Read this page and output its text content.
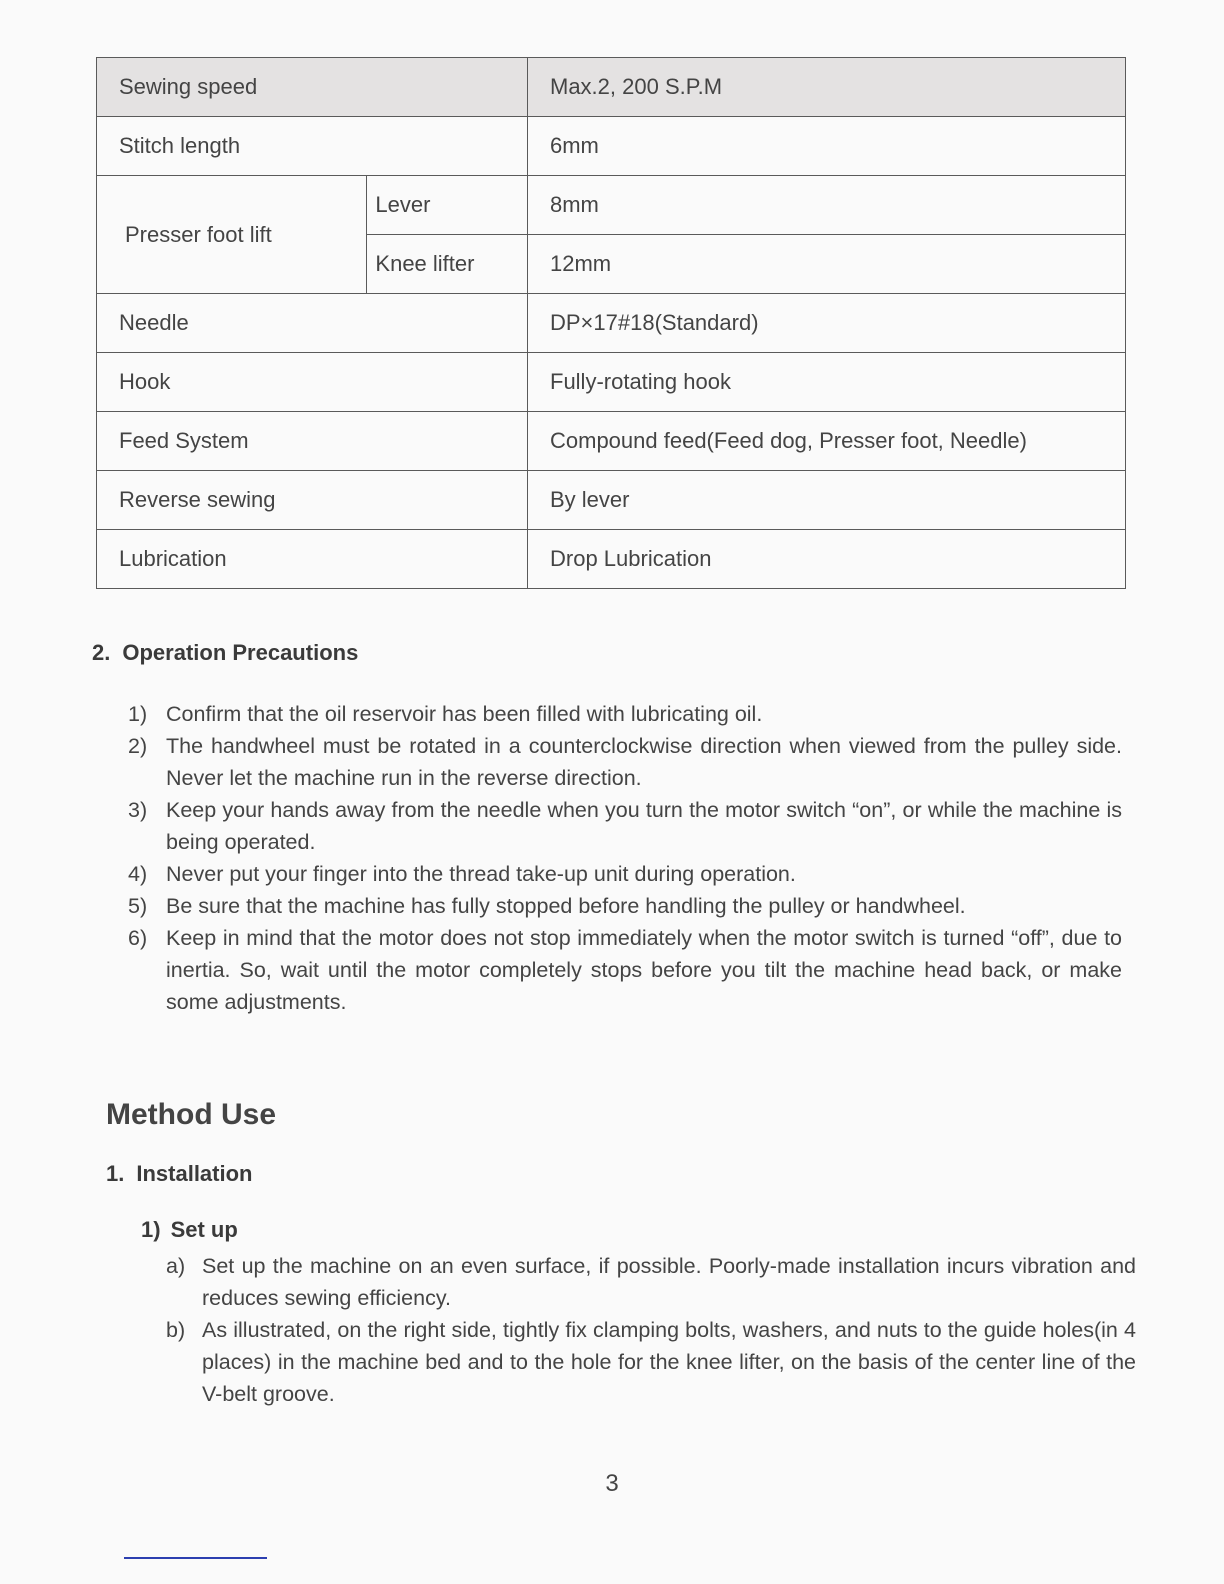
Sewing speed		Max.2, 200 S.P.M
Stitch length		6mm
Presser foot lift	Lever	8mm
	Knee lifter	12mm
Needle		DP×17#18(Standard)
Hook		Fully-rotating hook
Feed System		Compound feed(Feed dog, Presser foot, Needle)
Reverse sewing		By lever
Lubrication		Drop Lubrication
2. Operation Precautions
1) Confirm that the oil reservoir has been filled with lubricating oil.
2) The handwheel must be rotated in a counterclockwise direction when viewed from the pulley side. Never let the machine run in the reverse direction.
3) Keep your hands away from the needle when you turn the motor switch “on”, or while the machine is being operated.
4) Never put your finger into the thread take-up unit during operation.
5) Be sure that the machine has fully stopped before handling the pulley or handwheel.
6) Keep in mind that the motor does not stop immediately when the motor switch is turned “off”, due to inertia. So, wait until the motor completely stops before you tilt the machine head back, or make some adjustments.
Method Use
1. Installation
1) Set up
a) Set up the machine on an even surface, if possible. Poorly-made installation incurs vibration and reduces sewing efficiency.
b) As illustrated, on the right side, tightly fix clamping bolts, washers, and nuts to the guide holes(in 4 places) in the machine bed and to the hole for the knee lifter, on the basis of the center line of the V-belt groove.
3
